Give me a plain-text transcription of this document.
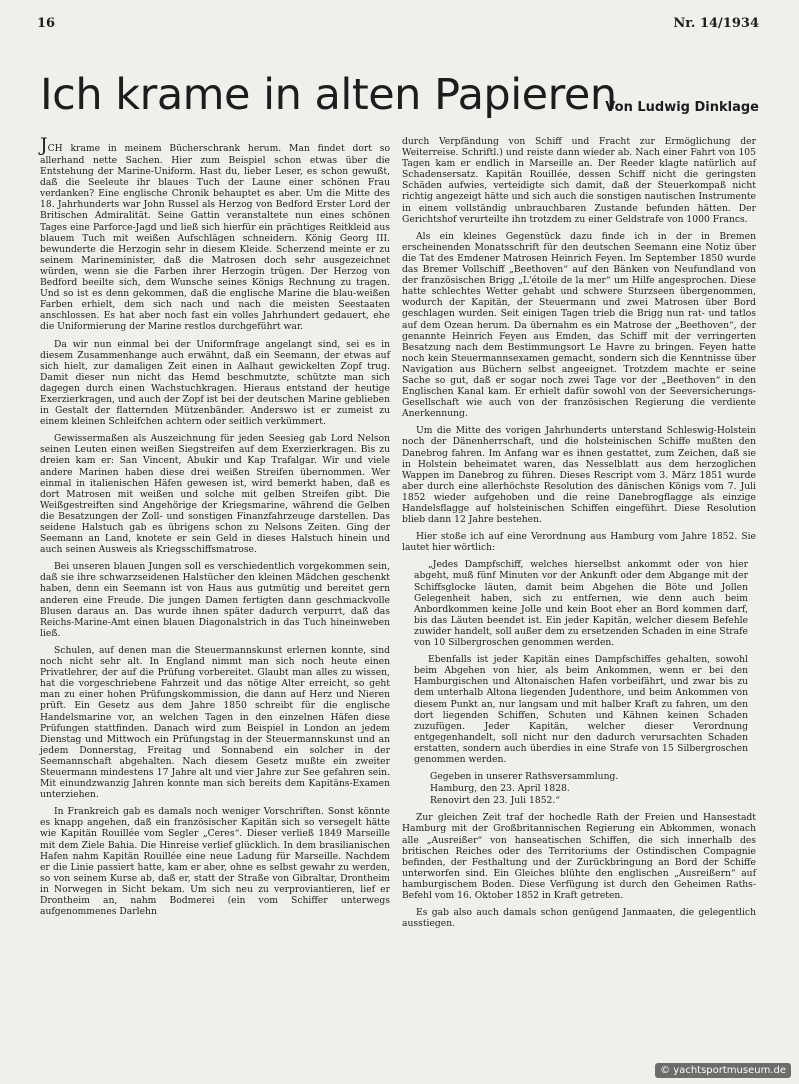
16	Nr. 14/1934
Ich krame in alten Papieren
Von Ludwig Dinklage

JCH krame in meinem Bücherschrank herum. Man findet dort so allerhand nette Sachen. Hier zum Beispiel schon etwas über die Entstehung der Marine-Uniform. Hast du, lieber Leser, es schon gewußt, daß die Seeleute ihr blaues Tuch der Laune einer schönen Frau verdanken? Eine englische Chronik behauptet es aber. Um die Mitte des 18. Jahrhunderts war John Russel als Herzog von Bedford Erster Lord der Britischen Admiralität. Seine Gattin veranstaltete nun eines schönen Tages eine Parforce-Jagd und ließ sich hierfür ein prächtiges Reitkleid aus blauem Tuch mit weißen Aufschlägen schneidern. König Georg III. bewunderte die Herzogin sehr in diesem Kleide. Scherzend meinte er zu seinem Marineminister, daß die Matrosen doch sehr ausgezeichnet würden, wenn sie die Farben ihrer Herzogin trügen. Der Herzog von Bedford beeilte sich, dem Wunsche seines Königs Rechnung zu tragen. Und so ist es denn gekommen, daß die englische Marine die blau-weißen Farben erhielt, dem sich nach und nach die meisten Seestaaten anschlossen. Es hat aber noch fast ein volles Jahrhundert gedauert, ehe die Uniformierung der Marine restlos durchgeführt war.

Da wir nun einmal bei der Uniformfrage angelangt sind, sei es in diesem Zusammenhange auch erwähnt, daß ein Seemann, der etwas auf sich hielt, zur damaligen Zeit einen in Aalhaut gewickelten Zopf trug. Damit dieser nun nicht das Hemd beschmutzte, schützte man sich dagegen durch einen Wachstuchkragen. Hieraus entstand der heutige Exerzierkragen, und auch der Zopf ist bei der deutschen Marine geblieben in Gestalt der flatternden Mützenbänder. Anderswo ist er zumeist zu einem kleinen Schleifchen achtern oder seitlich verkümmert.

Gewissermaßen als Auszeichnung für jeden Seesieg gab Lord Nelson seinen Leuten einen weißen Siegstreifen auf dem Exerzierkragen. Bis zu dreien kam er: San Vincent, Abukir und Kap Trafalgar. Wir und viele andere Marinen haben diese drei weißen Streifen übernommen. Wer einmal in italienischen Häfen gewesen ist, wird bemerkt haben, daß es dort Matrosen mit weißen und solche mit gelben Streifen gibt. Die Weißgestreiften sind Angehörige der Kriegsmarine, während die Gelben die Besatzungen der Zoll- und sonstigen Finanzfahrzeuge darstellen. Das seidene Halstuch gab es übrigens schon zu Nelsons Zeiten. Ging der Seemann an Land, knotete er sein Geld in dieses Halstuch hinein und auch seinen Ausweis als Kriegsschiffsmatrose.

Bei unseren blauen Jungen soll es verschiedentlich vorgekommen sein, daß sie ihre schwarzseidenen Halstücher den kleinen Mädchen geschenkt haben, denn ein Seemann ist von Haus aus gutmütig und bereitet gern anderen eine Freude. Die jungen Damen fertigten dann geschmackvolle Blusen daraus an. Das wurde ihnen später dadurch verpurrt, daß das Reichs-Marine-Amt einen blauen Diagonalstrich in das Tuch hineinweben ließ.

Schulen, auf denen man die Steuermannskunst erlernen konnte, sind noch nicht sehr alt. In England nimmt man sich noch heute einen Privatlehrer, der auf die Prüfung vorbereitet. Glaubt man alles zu wissen, hat die vorgeschriebene Fahrzeit und das nötige Alter erreicht, so geht man zu einer hohen Prüfungskommission, die dann auf Herz und Nieren prüft. Ein Gesetz aus dem Jahre 1850 schreibt für die englische Handelsmarine vor, an welchen Tagen in den einzelnen Häfen diese Prüfungen stattfinden. Danach wird zum Beispiel in London an jedem Dienstag und Mittwoch ein Prüfungstag in der Steuermannskunst und an jedem Donnerstag, Freitag und Sonnabend ein solcher in der Seemannschaft abgehalten. Nach diesem Gesetz mußte ein zweiter Steuermann mindestens 17 Jahre alt und vier Jahre zur See gefahren sein. Mit einundzwanzig Jahren konnte man sich bereits dem Kapitäns-Examen unterziehen.

In Frankreich gab es damals noch weniger Vorschriften. Sonst könnte es knapp angehen, daß ein französischer Kapitän sich so versegelt hätte wie Kapitän Rouillée vom Segler „Ceres“. Dieser verließ 1849 Marseille mit dem Ziele Bahia. Die Hinreise verlief glücklich. In dem brasilianischen Hafen nahm Kapitän Rouillée eine neue Ladung für Marseille. Nachdem er die Linie passiert hatte, kam er aber, ohne es selbst gewahr zu werden, so von seinem Kurse ab, daß er, statt der Straße von Gibraltar, Drontheim in Norwegen in Sicht bekam. Um sich neu zu verproviantieren, lief er Drontheim an, nahm Bodmerei (ein vom Schiffer unterwegs aufgenommenes Darlehn

durch Verpfändung von Schiff und Fracht zur Ermöglichung der Weiterreise. Schriftl.) und reiste dann wieder ab. Nach einer Fahrt von 105 Tagen kam er endlich in Marseille an. Der Reeder klagte natürlich auf Schadensersatz. Kapitän Rouillée, dessen Schiff nicht die geringsten Schäden aufwies, verteidigte sich damit, daß der Steuerkompaß nicht richtig angezeigt hätte und sich auch die sonstigen nautischen Instrumente in einem vollständig unbrauchbaren Zustande befunden hätten. Der Gerichtshof verurteilte ihn trotzdem zu einer Geldstrafe von 1000 Francs.

Als ein kleines Gegenstück dazu finde ich in der in Bremen erscheinenden Monatsschrift für den deutschen Seemann eine Notiz über die Tat des Emdener Matrosen Heinrich Feyen. Im September 1850 wurde das Bremer Vollschiff „Beethoven“ auf den Bänken von Neufundland von der französischen Brigg „L'étoile de la mer“ um Hilfe angesprochen. Diese hatte schlechtes Wetter gehabt und schwere Sturzseen übergenommen, wodurch der Kapitän, der Steuermann und zwei Matrosen über Bord geschlagen wurden. Seit einigen Tagen trieb die Brigg nun rat- und tatlos auf dem Ozean herum. Da übernahm es ein Matrose der „Beethoven“, der genannte Heinrich Feyen aus Emden, das Schiff mit der verringerten Besatzung nach dem Bestimmungsort Le Havre zu bringen. Feyen hatte noch kein Steuermannsexamen gemacht, sondern sich die Kenntnisse über Navigation aus Büchern selbst angeeignet. Trotzdem machte er seine Sache so gut, daß er sogar noch zwei Tage vor der „Beethoven“ in den Englischen Kanal kam. Er erhielt dafür sowohl von der Seeversicherungs-Gesellschaft wie auch von der französischen Regierung die verdiente Anerkennung.

Um die Mitte des vorigen Jahrhunderts unterstand Schleswig-Holstein noch der Dänenherrschaft, und die holsteinischen Schiffe mußten den Danebrog fahren. Im Anfang war es ihnen gestattet, zum Zeichen, daß sie in Holstein beheimatet waren, das Nesselblatt aus dem herzoglichen Wappen im Danebrog zu führen. Dieses Rescript vom 3. März 1851 wurde aber durch eine allerhöchste Resolution des dänischen Königs vom 7. Juli 1852 wieder aufgehoben und die reine Danebrogflagge als einzige Handelsflagge auf holsteinischen Schiffen eingeführt. Diese Resolution blieb dann 12 Jahre bestehen.

Hier stoße ich auf eine Verordnung aus Hamburg vom Jahre 1852. Sie lautet hier wörtlich:

„Jedes Dampfschiff, welches hierselbst ankommt oder von hier abgeht, muß fünf Minuten vor der Ankunft oder dem Abgange mit der Schiffsglocke läuten, damit beim Abgehen die Böte und Jollen Gelegenheit haben, sich zu entfernen, wie denn auch beim Anbordkommen keine Jolle und kein Boot eher an Bord kommen darf, bis das Läuten beendet ist. Ein jeder Kapitän, welcher diesem Befehle zuwider handelt, soll außer dem zu ersetzenden Schaden in eine Strafe von 10 Silbergroschen genommen werden.

Ebenfalls ist jeder Kapitän eines Dampfschiffes gehalten, sowohl beim Abgehen von hier, als beim Ankommen, wenn er bei den Hamburgischen und Altonaischen Hafen vorbeifährt, und zwar bis zu dem unterhalb Altona liegenden Judenthore, und beim Ankommen von diesem Punkt an, nur langsam und mit halber Kraft zu fahren, um den dort liegenden Schiffen, Schuten und Kähnen keinen Schaden zuzufügen. Jeder Kapitän, welcher dieser Verordnung entgegenhandelt, soll nicht nur den dadurch verursachten Schaden erstatten, sondern auch überdies in eine Strafe von 15 Silbergroschen genommen werden.

Gegeben in unserer Rathsversammlung.

Hamburg, den 23. April 1828.

Renovirt den 23. Juli 1852.“

Zur gleichen Zeit traf der hochedle Rath der Freien und Hansestadt Hamburg mit der Großbritannischen Regierung ein Abkommen, wonach alle „Ausreißer“ von hanseatischen Schiffen, die sich innerhalb des britischen Reiches oder des Territoriums der Ostindischen Compagnie befinden, der Festhaltung und der Zurückbringung an Bord der Schiffe unterworfen sind. Ein Gleiches blühte den englischen „Ausreißern“ auf hamburgischem Boden. Diese Verfügung ist durch den Geheimen Raths-Befehl vom 16. Oktober 1852 in Kraft getreten.

Es gab also auch damals schon genügend Janmaaten, die gelegentlich ausstiegen.

© yachtsportmuseum.de
